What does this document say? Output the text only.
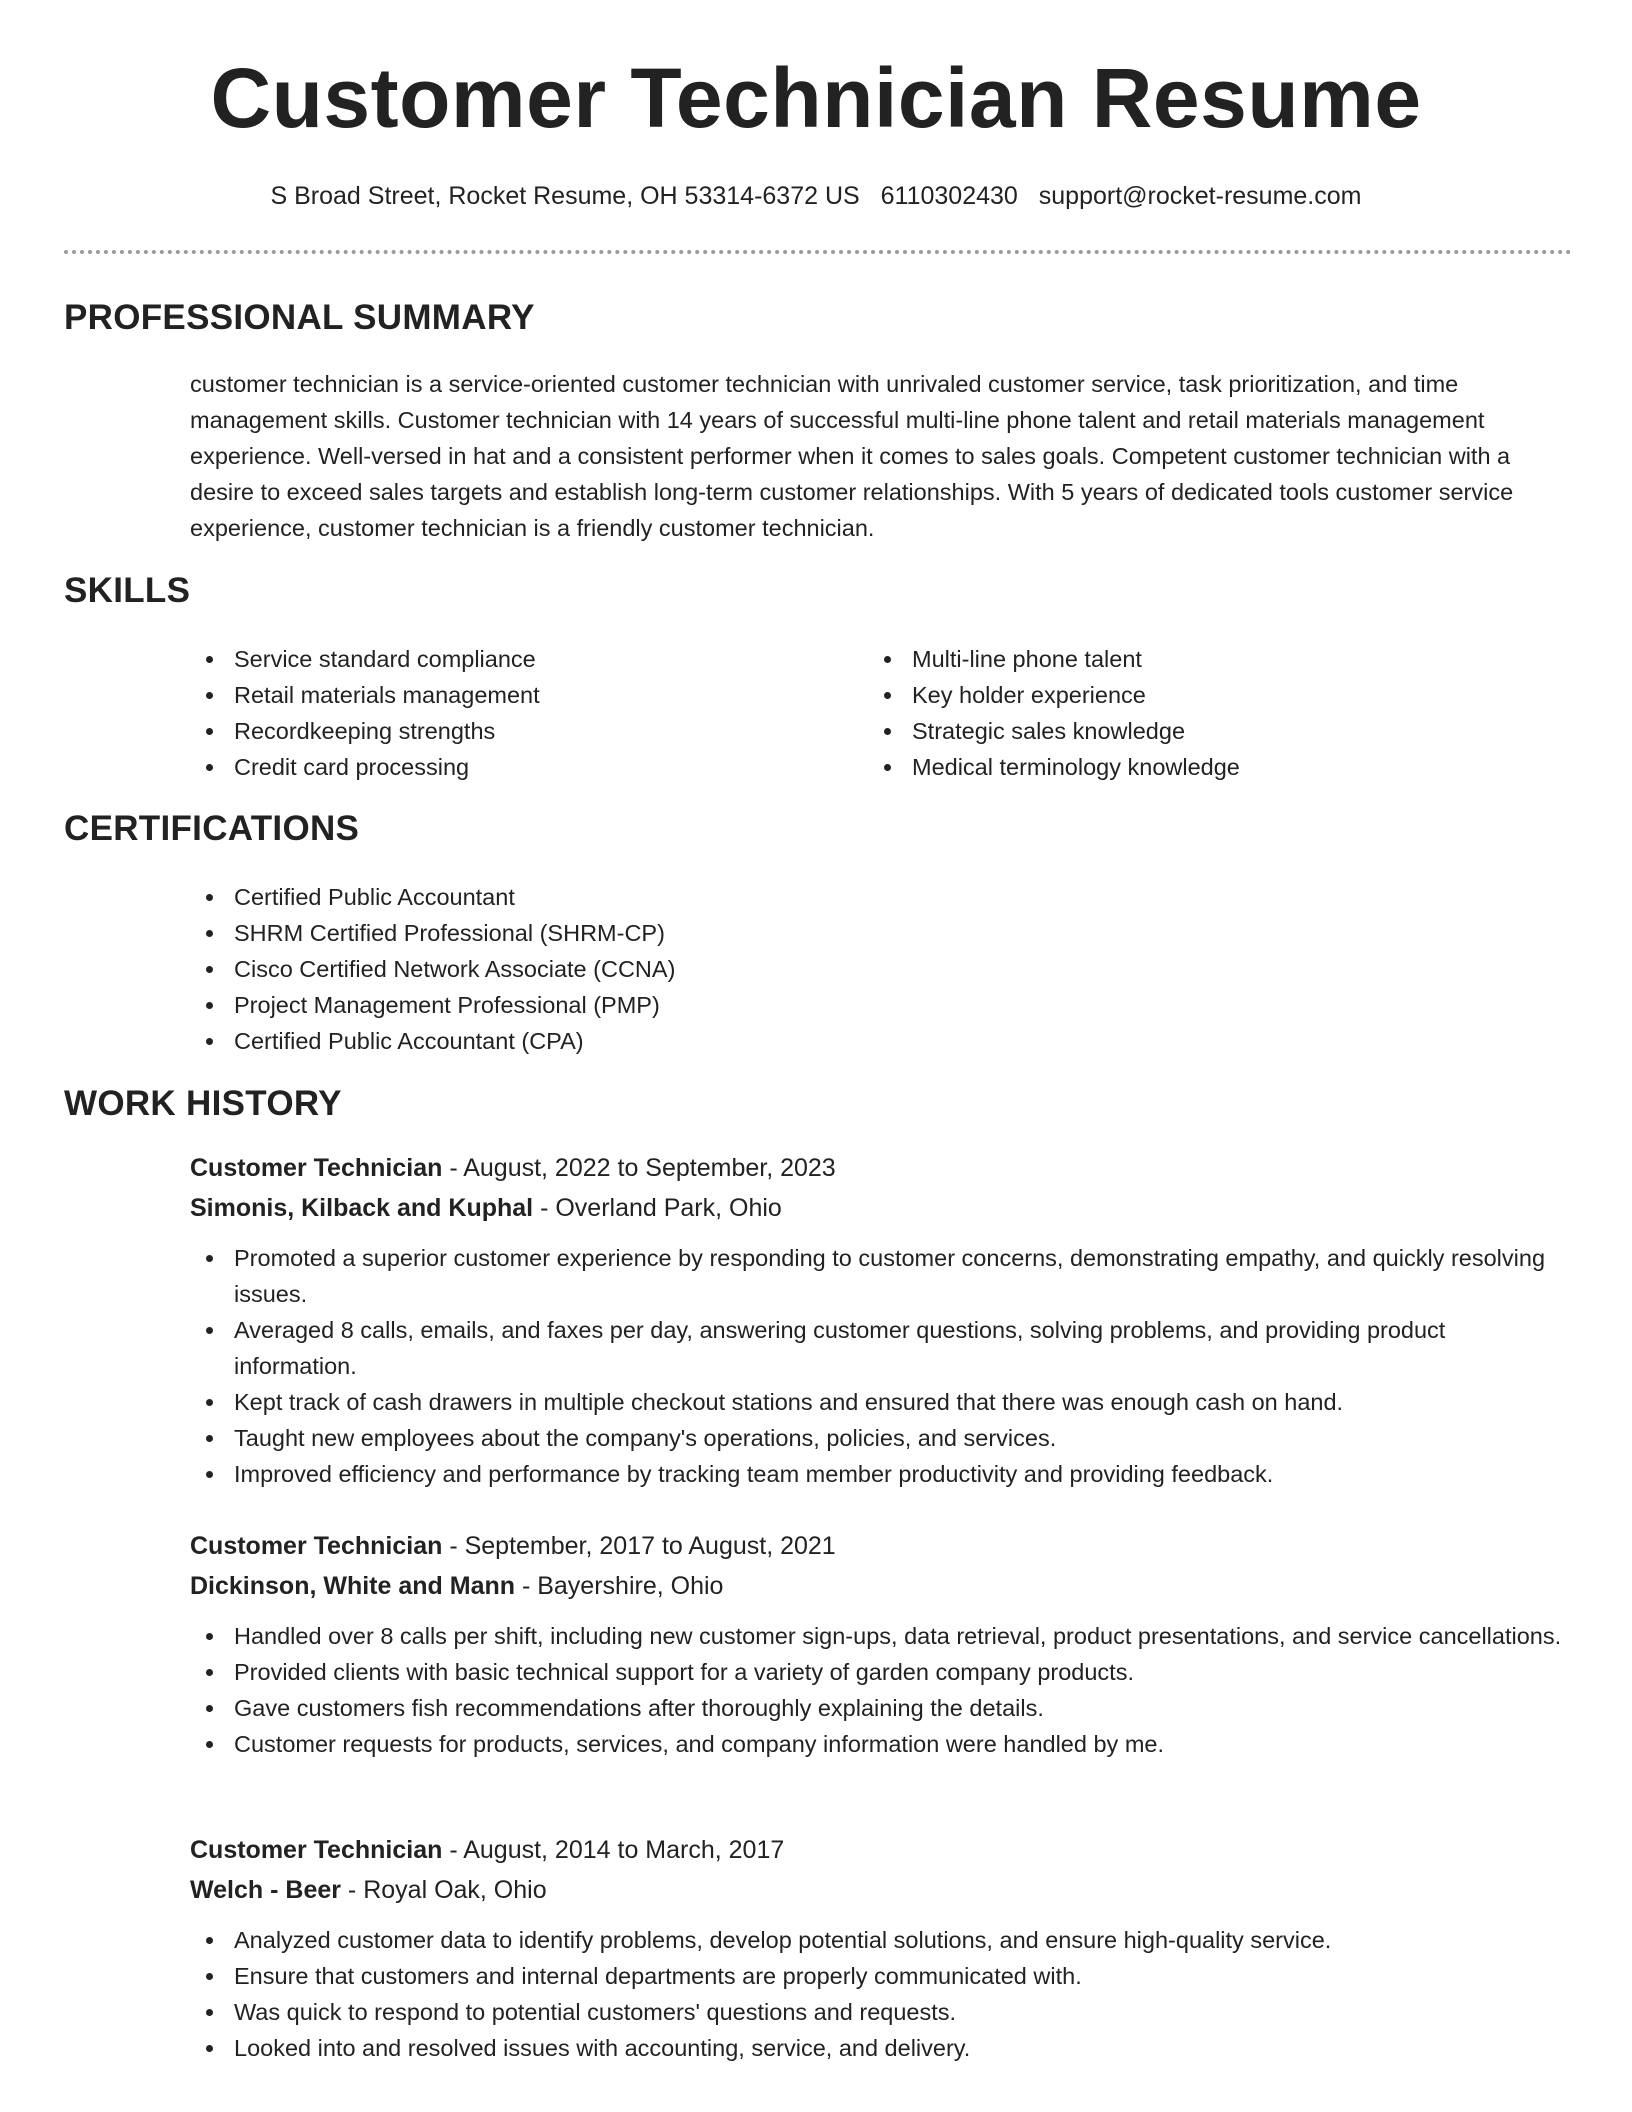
Customer Technician Resume
S Broad Street, Rocket Resume, OH 53314-6372 US 6110302430 support@rocket-resume.com
PROFESSIONAL SUMMARY

customer technician is a service-oriented customer technician with unrivaled customer service, task prioritization, and time management skills. Customer technician with 14 years of successful multi-line phone talent and retail materials management experience. Well-versed in hat and a consistent performer when it comes to sales goals. Competent customer technician with a desire to exceed sales targets and establish long-term customer relationships. With 5 years of dedicated tools customer service experience, customer technician is a friendly customer technician.

SKILLS
Service standard compliance
Retail materials management
Recordkeeping strengths
Credit card processing
Multi-line phone talent
Key holder experience
Strategic sales knowledge
Medical terminology knowledge
CERTIFICATIONS
Certified Public Accountant
SHRM Certified Professional (SHRM-CP)
Cisco Certified Network Associate (CCNA)
Project Management Professional (PMP)
Certified Public Accountant (CPA)
WORK HISTORY

Customer Technician - August, 2022 to September, 2023

Simonis, Kilback and Kuphal - Overland Park, Ohio

Promoted a superior customer experience by responding to customer concerns, demonstrating empathy, and quickly resolving issues.
Averaged 8 calls, emails, and faxes per day, answering customer questions, solving problems, and providing product information.
Kept track of cash drawers in multiple checkout stations and ensured that there was enough cash on hand.
Taught new employees about the company's operations, policies, and services.
Improved efficiency and performance by tracking team member productivity and providing feedback.

Customer Technician - September, 2017 to August, 2021

Dickinson, White and Mann - Bayershire, Ohio

Handled over 8 calls per shift, including new customer sign-ups, data retrieval, product presentations, and service cancellations.
Provided clients with basic technical support for a variety of garden company products.
Gave customers fish recommendations after thoroughly explaining the details.
Customer requests for products, services, and company information were handled by me.

Customer Technician - August, 2014 to March, 2017

Welch - Beer - Royal Oak, Ohio

Analyzed customer data to identify problems, develop potential solutions, and ensure high-quality service.
Ensure that customers and internal departments are properly communicated with.
Was quick to respond to potential customers' questions and requests.
Looked into and resolved issues with accounting, service, and delivery.
